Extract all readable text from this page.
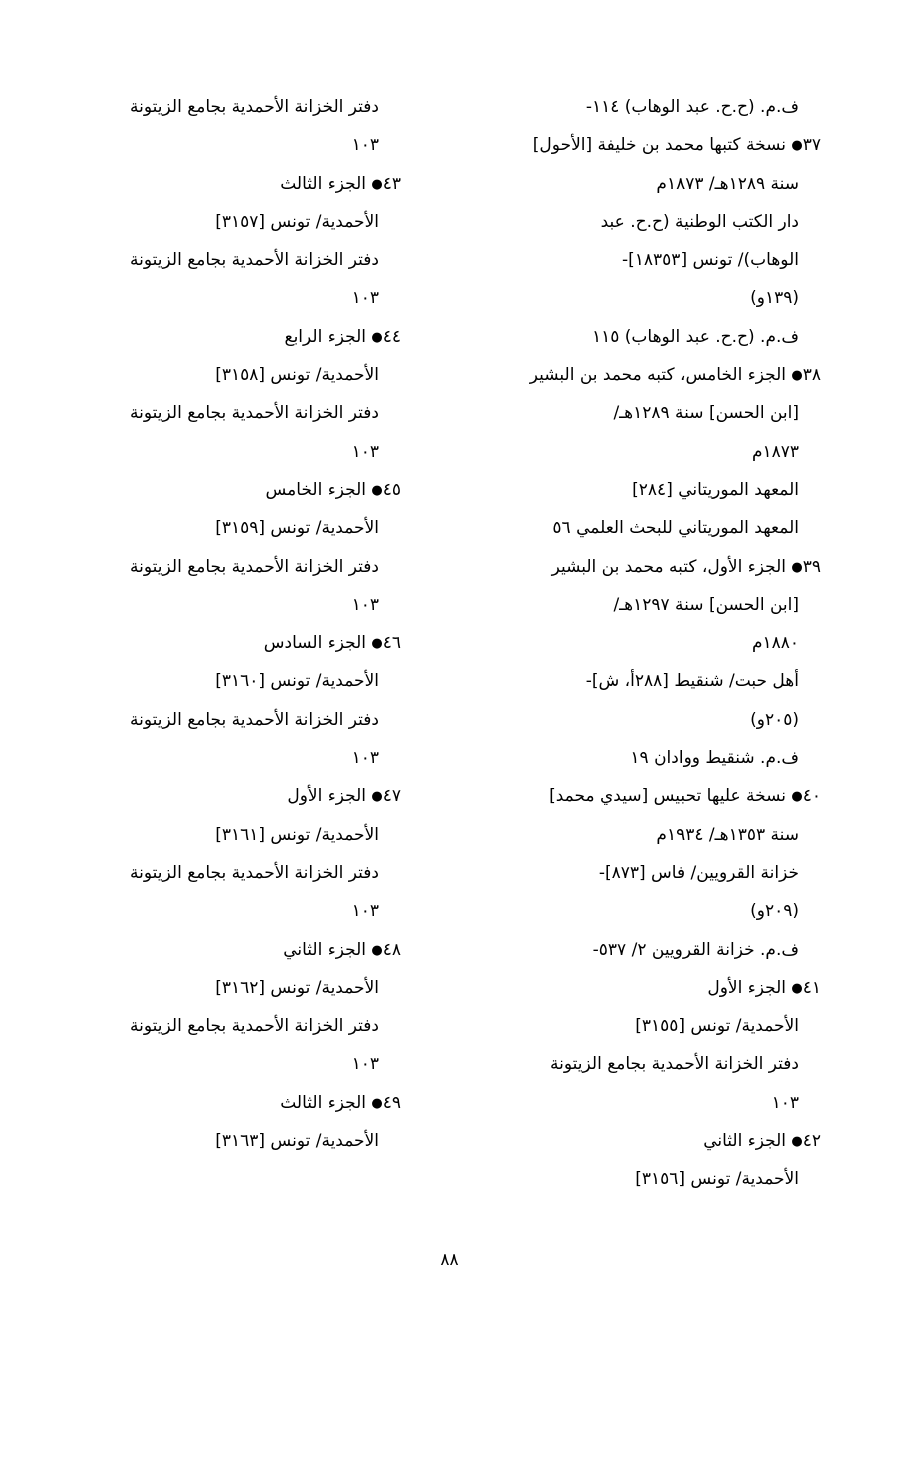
ف.م. (ح.ح. عبد الوهاب) ١١٤-
٣٧● نسخة كتبها محمد بن خليفة [الأحول]
سنة ١٢٨٩هـ/ ١٨٧٣م
دار الكتب الوطنية (ح.ح. عبد
الوهاب)/ تونس [١٨٣٥٣]-
(١٣٩و)
ف.م. (ح.ح. عبد الوهاب) ١١٥
٣٨● الجزء الخامس، كتبه محمد بن البشير
[ابن الحسن] سنة ١٢٨٩هـ/
١٨٧٣م
المعهد الموريتاني [٢٨٤]
المعهد الموريتاني للبحث العلمي ٥٦
٣٩● الجزء الأول، كتبه محمد بن البشير
[ابن الحسن] سنة ١٢٩٧هـ/
١٨٨٠م
أهل حبت/ شنقيط [٢٨٨أ، ش]-
(٢٠٥و)
ف.م. شنقيط ووادان ١٩
٤٠● نسخة عليها تحبيس [سيدي محمد]
سنة ١٣٥٣هـ/ ١٩٣٤م
خزانة القرويين/ فاس [٨٧٣]-
(٢٠٩و)
ف.م. خزانة القرويين ٢/ ٥٣٧-
٤١● الجزء الأول
الأحمدية/ تونس [٣١٥٥]
دفتر الخزانة الأحمدية بجامع الزيتونة
١٠٣
٤٢● الجزء الثاني
الأحمدية/ تونس [٣١٥٦]
دفتر الخزانة الأحمدية بجامع الزيتونة
١٠٣
٤٣● الجزء الثالث
الأحمدية/ تونس [٣١٥٧]
دفتر الخزانة الأحمدية بجامع الزيتونة
١٠٣
٤٤● الجزء الرابع
الأحمدية/ تونس [٣١٥٨]
دفتر الخزانة الأحمدية بجامع الزيتونة
١٠٣
٤٥● الجزء الخامس
الأحمدية/ تونس [٣١٥٩]
دفتر الخزانة الأحمدية بجامع الزيتونة
١٠٣
٤٦● الجزء السادس
الأحمدية/ تونس [٣١٦٠]
دفتر الخزانة الأحمدية بجامع الزيتونة
١٠٣
٤٧● الجزء الأول
الأحمدية/ تونس [٣١٦١]
دفتر الخزانة الأحمدية بجامع الزيتونة
١٠٣
٤٨● الجزء الثاني
الأحمدية/ تونس [٣١٦٢]
دفتر الخزانة الأحمدية بجامع الزيتونة
١٠٣
٤٩● الجزء الثالث
الأحمدية/ تونس [٣١٦٣]
٨٨
